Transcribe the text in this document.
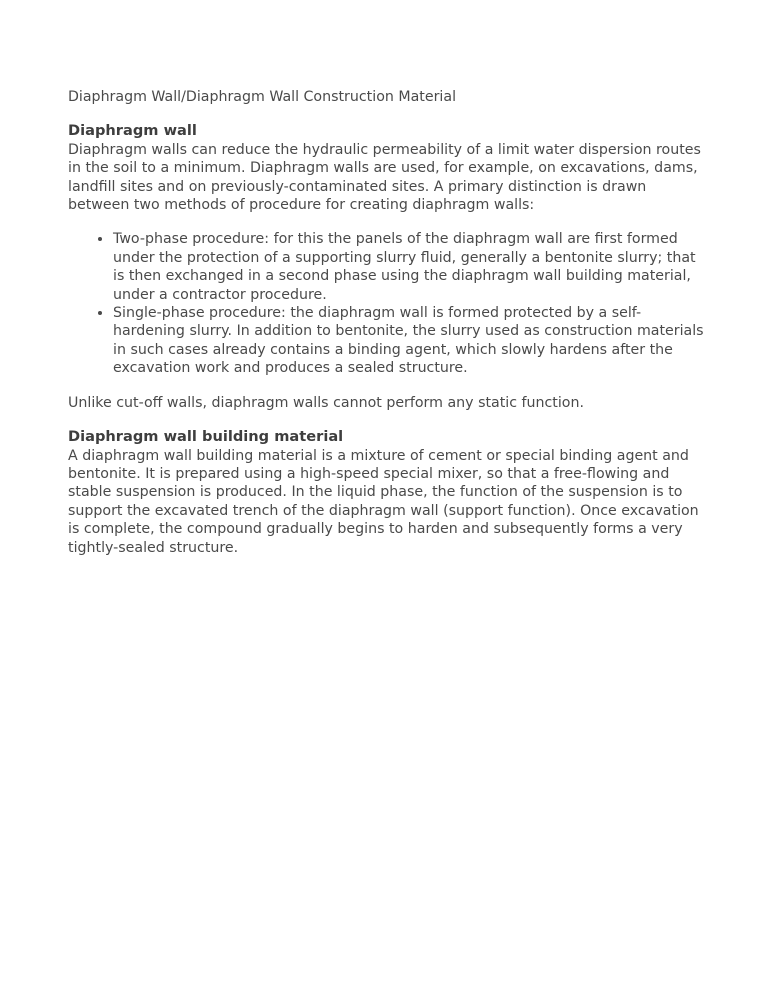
Diaphragm Wall/Diaphragm Wall Construction Material

Diaphragm wall

Diaphragm walls can reduce the hydraulic permeability of a limit water dispersion routes in the soil to a minimum. Diaphragm walls are used, for example, on excavations, dams, landfill sites and on previously-contaminated sites. A primary distinction is drawn between two methods of procedure for creating diaphragm walls:

• Two-phase procedure: for this the panels of the diaphragm wall are first formed under the protection of a supporting slurry fluid, generally a bentonite slurry; that is then exchanged in a second phase using the diaphragm wall building material, under a contractor procedure.
• Single-phase procedure: the diaphragm wall is formed protected by a self-hardening slurry. In addition to bentonite, the slurry used as construction materials in such cases already contains a binding agent, which slowly hardens after the excavation work and produces a sealed structure.

Unlike cut-off walls, diaphragm walls cannot perform any static function.

Diaphragm wall building material

A diaphragm wall building material is a mixture of cement or special binding agent and bentonite. It is prepared using a high-speed special mixer, so that a free-flowing and stable suspension is produced. In the liquid phase, the function of the suspension is to support the excavated trench of the diaphragm wall (support function). Once excavation is complete, the compound gradually begins to harden and subsequently forms a very tightly-sealed structure.
